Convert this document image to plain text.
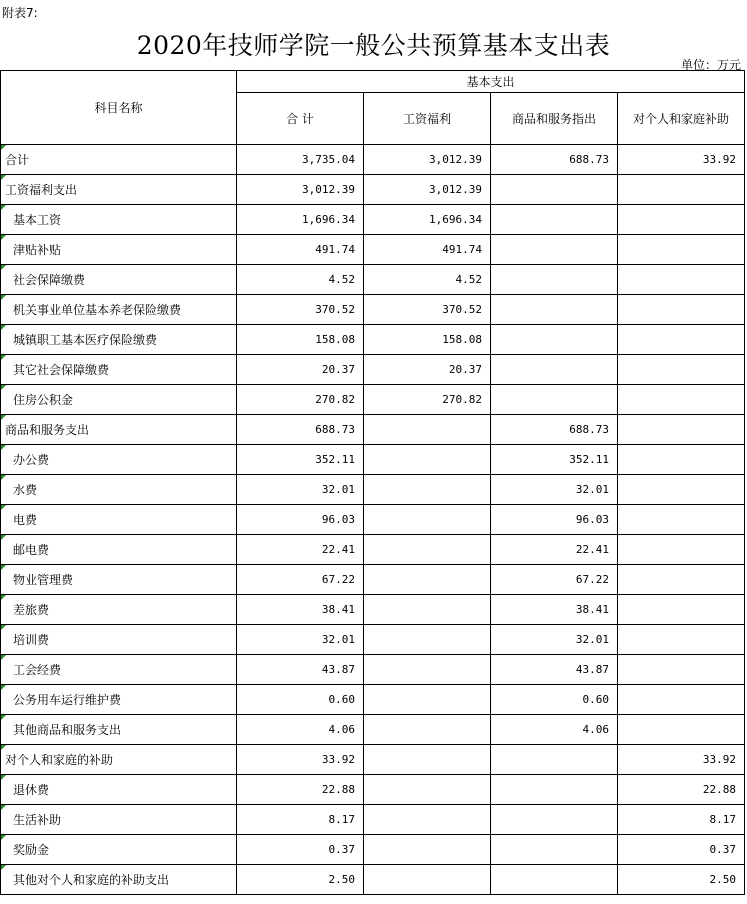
附表7:
2020年技师学院一般公共预算基本支出表
单位：万元
科目名称	基本支出			
	合 计	工资福利	商品和服务指出	对个人和家庭补助

合计	3,735.04	3,012.39	688.73	33.92

工资福利支出	3,012.39	3,012.39		

基本工资	1,696.34	1,696.34		

津贴补贴	491.74	491.74		

社会保障缴费	4.52	4.52		

机关事业单位基本养老保险缴费	370.52	370.52		

城镇职工基本医疗保险缴费	158.08	158.08		

其它社会保障缴费	20.37	20.37		

住房公积金	270.82	270.82		

商品和服务支出	688.73		688.73	

办公费	352.11		352.11	

水费	32.01		32.01	

电费	96.03		96.03	

邮电费	22.41		22.41	

物业管理费	67.22		67.22	

差旅费	38.41		38.41	

培训费	32.01		32.01	

工会经费	43.87		43.87	

公务用车运行维护费	0.60		0.60	

其他商品和服务支出	4.06		4.06	

对个人和家庭的补助	33.92			33.92

退休费	22.88			22.88

生活补助	8.17			8.17

奖励金	0.37			0.37

其他对个人和家庭的补助支出	2.50			2.50
